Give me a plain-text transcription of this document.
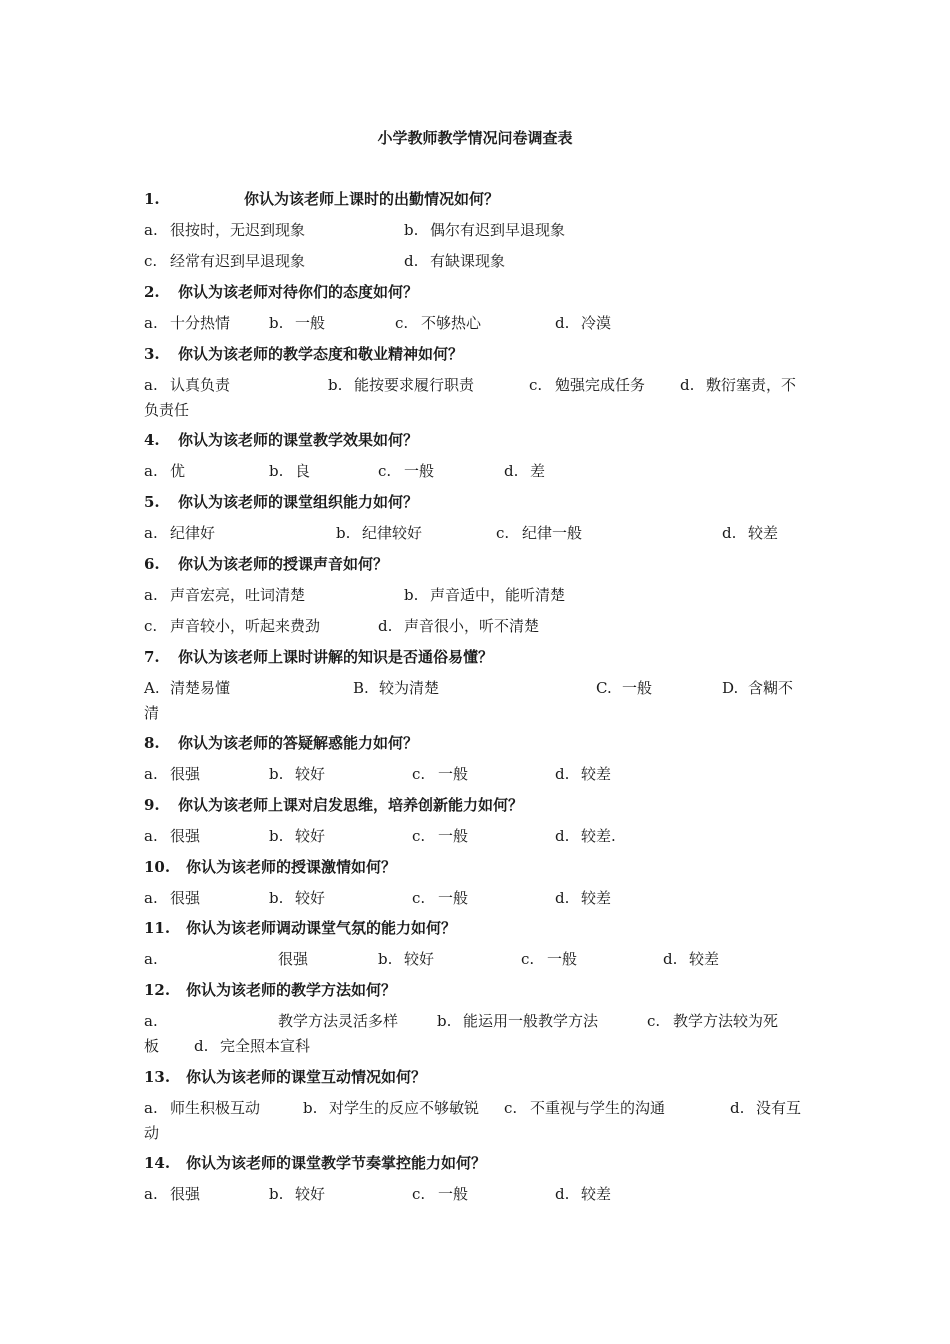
小学教师教学情况问卷调查表
1.	你认为该老师上课时的出勤情况如何？
a. 很按时，无迟到现象	b. 偶尔有迟到早退现象
c. 经常有迟到早退现象	d. 有缺课现象
2. 你认为该老师对待你们的态度如何？
a. 十分热情	b. 一般	c. 不够热心	d. 冷漠
3. 你认为该老师的教学态度和敬业精神如何？
a. 认真负责	b. 能按要求履行职责	c. 勉强完成任务 d. 敷衍塞责，不
负责任
4. 你认为该老师的课堂教学效果如何？
a. 优	b. 良	c. 一般	d. 差
5. 你认为该老师的课堂组织能力如何？
a. 纪律好	b. 纪律较好	c. 纪律一般	d. 较差
6. 你认为该老师的授课声音如何？
a. 声音宏亮，吐词清楚	b. 声音适中，能听清楚
c. 声音较小，听起来费劲	d. 声音很小，听不清楚
7. 你认为该老师上课时讲解的知识是否通俗易懂？
A. 清楚易懂	B. 较为清楚	C. 一般	D. 含糊不
清
8. 你认为该老师的答疑解惑能力如何？
a. 很强	b. 较好	c. 一般	d. 较差
9. 你认为该老师上课对启发思维，培养创新能力如何？
a. 很强	b. 较好	c. 一般	d. 较差.
10. 你认为该老师的授课激情如何？
a. 很强	b. 较好	c. 一般	d. 较差
11. 你认为该老师调动课堂气氛的能力如何？
a.	很强	b. 较好	c. 一般	d. 较差
12. 你认为该老师的教学方法如何？
a.	教学方法灵活多样	b. 能运用一般教学方法	c. 教学方法较为死
板 d. 完全照本宣科
13. 你认为该老师的课堂互动情况如何？
a. 师生积极互动	b. 对学生的反应不够敏锐 c. 不重视与学生的沟通	d. 没有互
动
14. 你认为该老师的课堂教学节奏掌控能力如何？
a. 很强	b. 较好	c. 一般	d. 较差
